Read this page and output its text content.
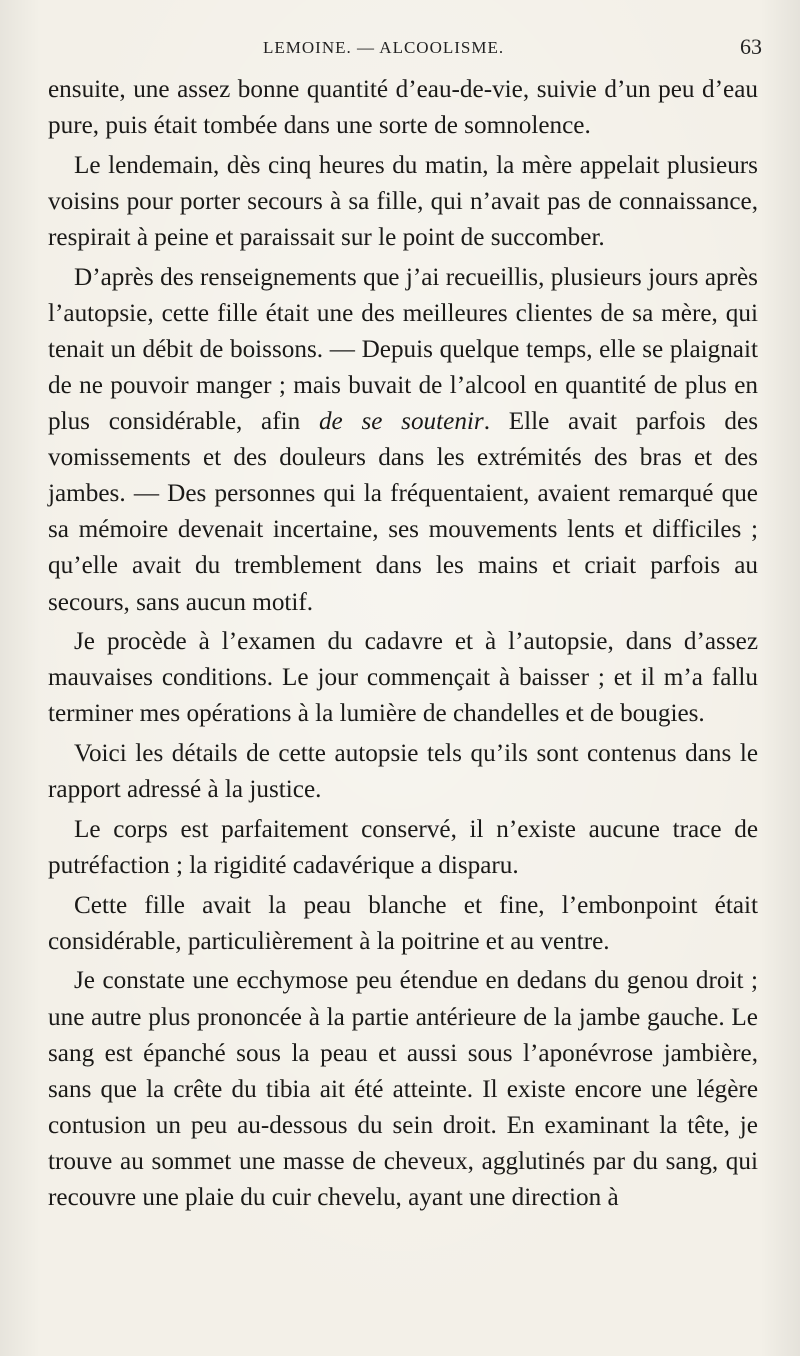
LEMOINE. — ALCOOLISME.	63

ensuite, une assez bonne quantité d’eau-de-vie, suivie d’un peu d’eau pure, puis était tombée dans une sorte de somnolence.

Le lendemain, dès cinq heures du matin, la mère appelait plusieurs voisins pour porter secours à sa fille, qui n’avait pas de connaissance, respirait à peine et paraissait sur le point de succomber.

D’après des renseignements que j’ai recueillis, plusieurs jours après l’autopsie, cette fille était une des meilleures clientes de sa mère, qui tenait un débit de boissons. — Depuis quelque temps, elle se plaignait de ne pouvoir manger ; mais buvait de l’alcool en quantité de plus en plus considérable, afin de se soutenir. Elle avait parfois des vomissements et des douleurs dans les extrémités des bras et des jambes. — Des personnes qui la fréquentaient, avaient remarqué que sa mémoire devenait incertaine, ses mouvements lents et difficiles ; qu’elle avait du tremblement dans les mains et criait parfois au secours, sans aucun motif.

Je procède à l’examen du cadavre et à l’autopsie, dans d’assez mauvaises conditions. Le jour commençait à baisser ; et il m’a fallu terminer mes opérations à la lumière de chandelles et de bougies.

Voici les détails de cette autopsie tels qu’ils sont contenus dans le rapport adressé à la justice.

Le corps est parfaitement conservé, il n’existe aucune trace de putréfaction ; la rigidité cadavérique a disparu.

Cette fille avait la peau blanche et fine, l’embonpoint était considérable, particulièrement à la poitrine et au ventre.

Je constate une ecchymose peu étendue en dedans du genou droit ; une autre plus prononcée à la partie antérieure de la jambe gauche. Le sang est épanché sous la peau et aussi sous l’aponévrose jambière, sans que la crête du tibia ait été atteinte. Il existe encore une légère contusion un peu au-dessous du sein droit. En examinant la tête, je trouve au sommet une masse de cheveux, agglutinés par du sang, qui recouvre une plaie du cuir chevelu, ayant une direction à
